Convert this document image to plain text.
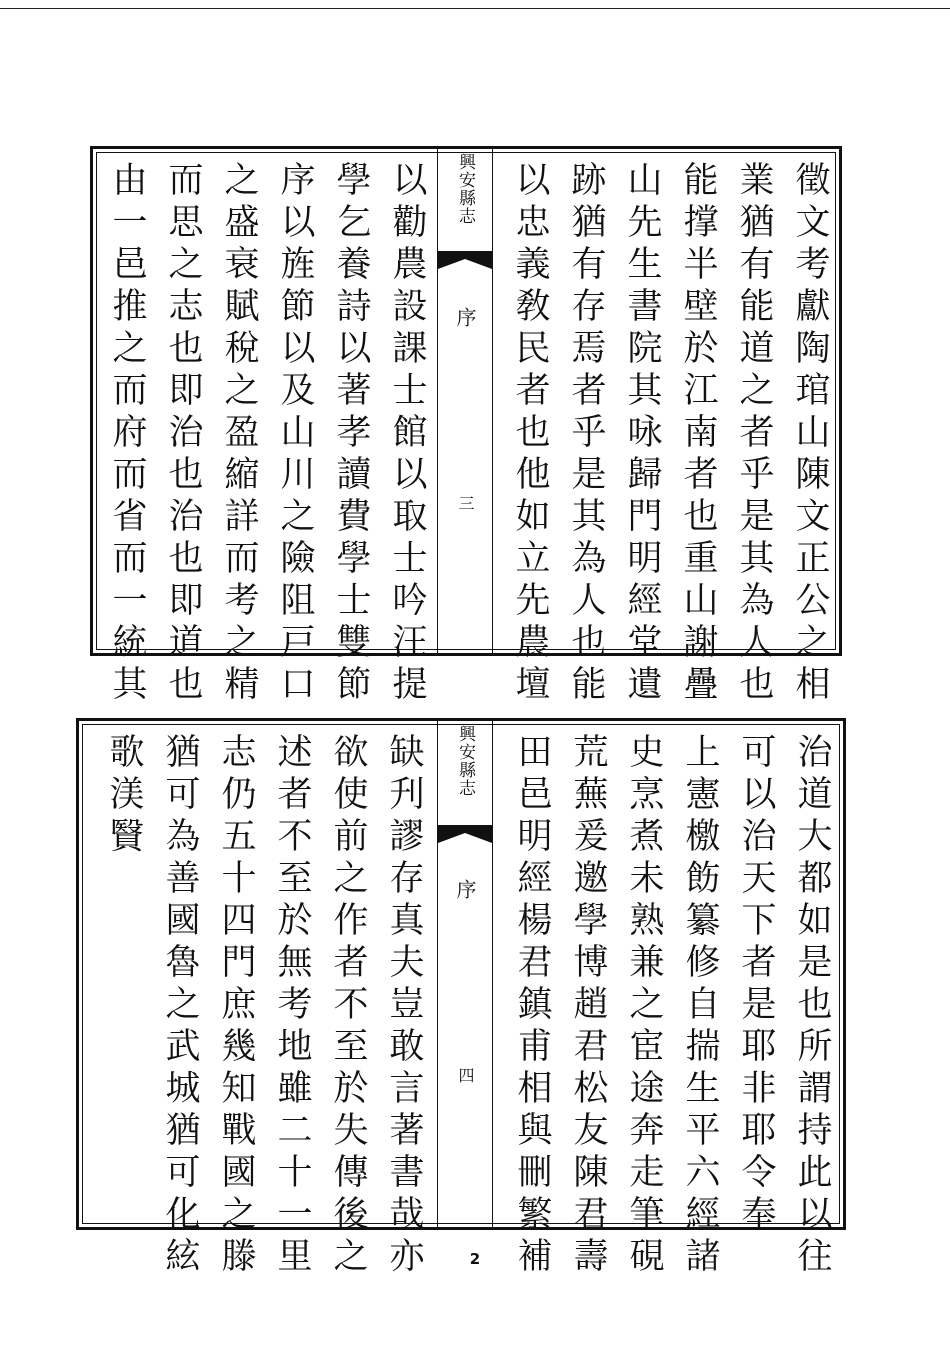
徵文考獻陶琯山陳文正公之相
業猶有能道之者乎是其為人也
能撑半壁於江南者也重山謝疊
山先生書院其咏歸門明經堂遺
跡猶有存焉者乎是其為人也能
以忠義敎民者也他如立先農壇
興安縣志
序
三
以勸農設課士館以取士吟汪提
學乞養詩以著孝讀費學士雙節
序以旌節以及山川之險阻戸口
之盛衰賦稅之盈縮詳而考之精
而思之志也即治也治也即道也
由一邑推之而府而省而一統其
治道大都如是也所謂持此以往
可以治天下者是耶非耶令奉
上憲檄飭纂修自揣生平六經諸
史烹煮未熟兼之宦途奔走筆硯
荒蕪爰邀學博趙君松友陳君壽
田邑明經楊君鎮甫相與刪繁補
興安縣志
序
四
缺刋謬存真夫豈敢言著書哉亦
欲使前之作者不至於失傳後之
述者不至於無考地雖二十一里
志仍五十四門庶幾知戰國之滕
猶可為善國魯之武城猶可化絃
歌渼贀
2
